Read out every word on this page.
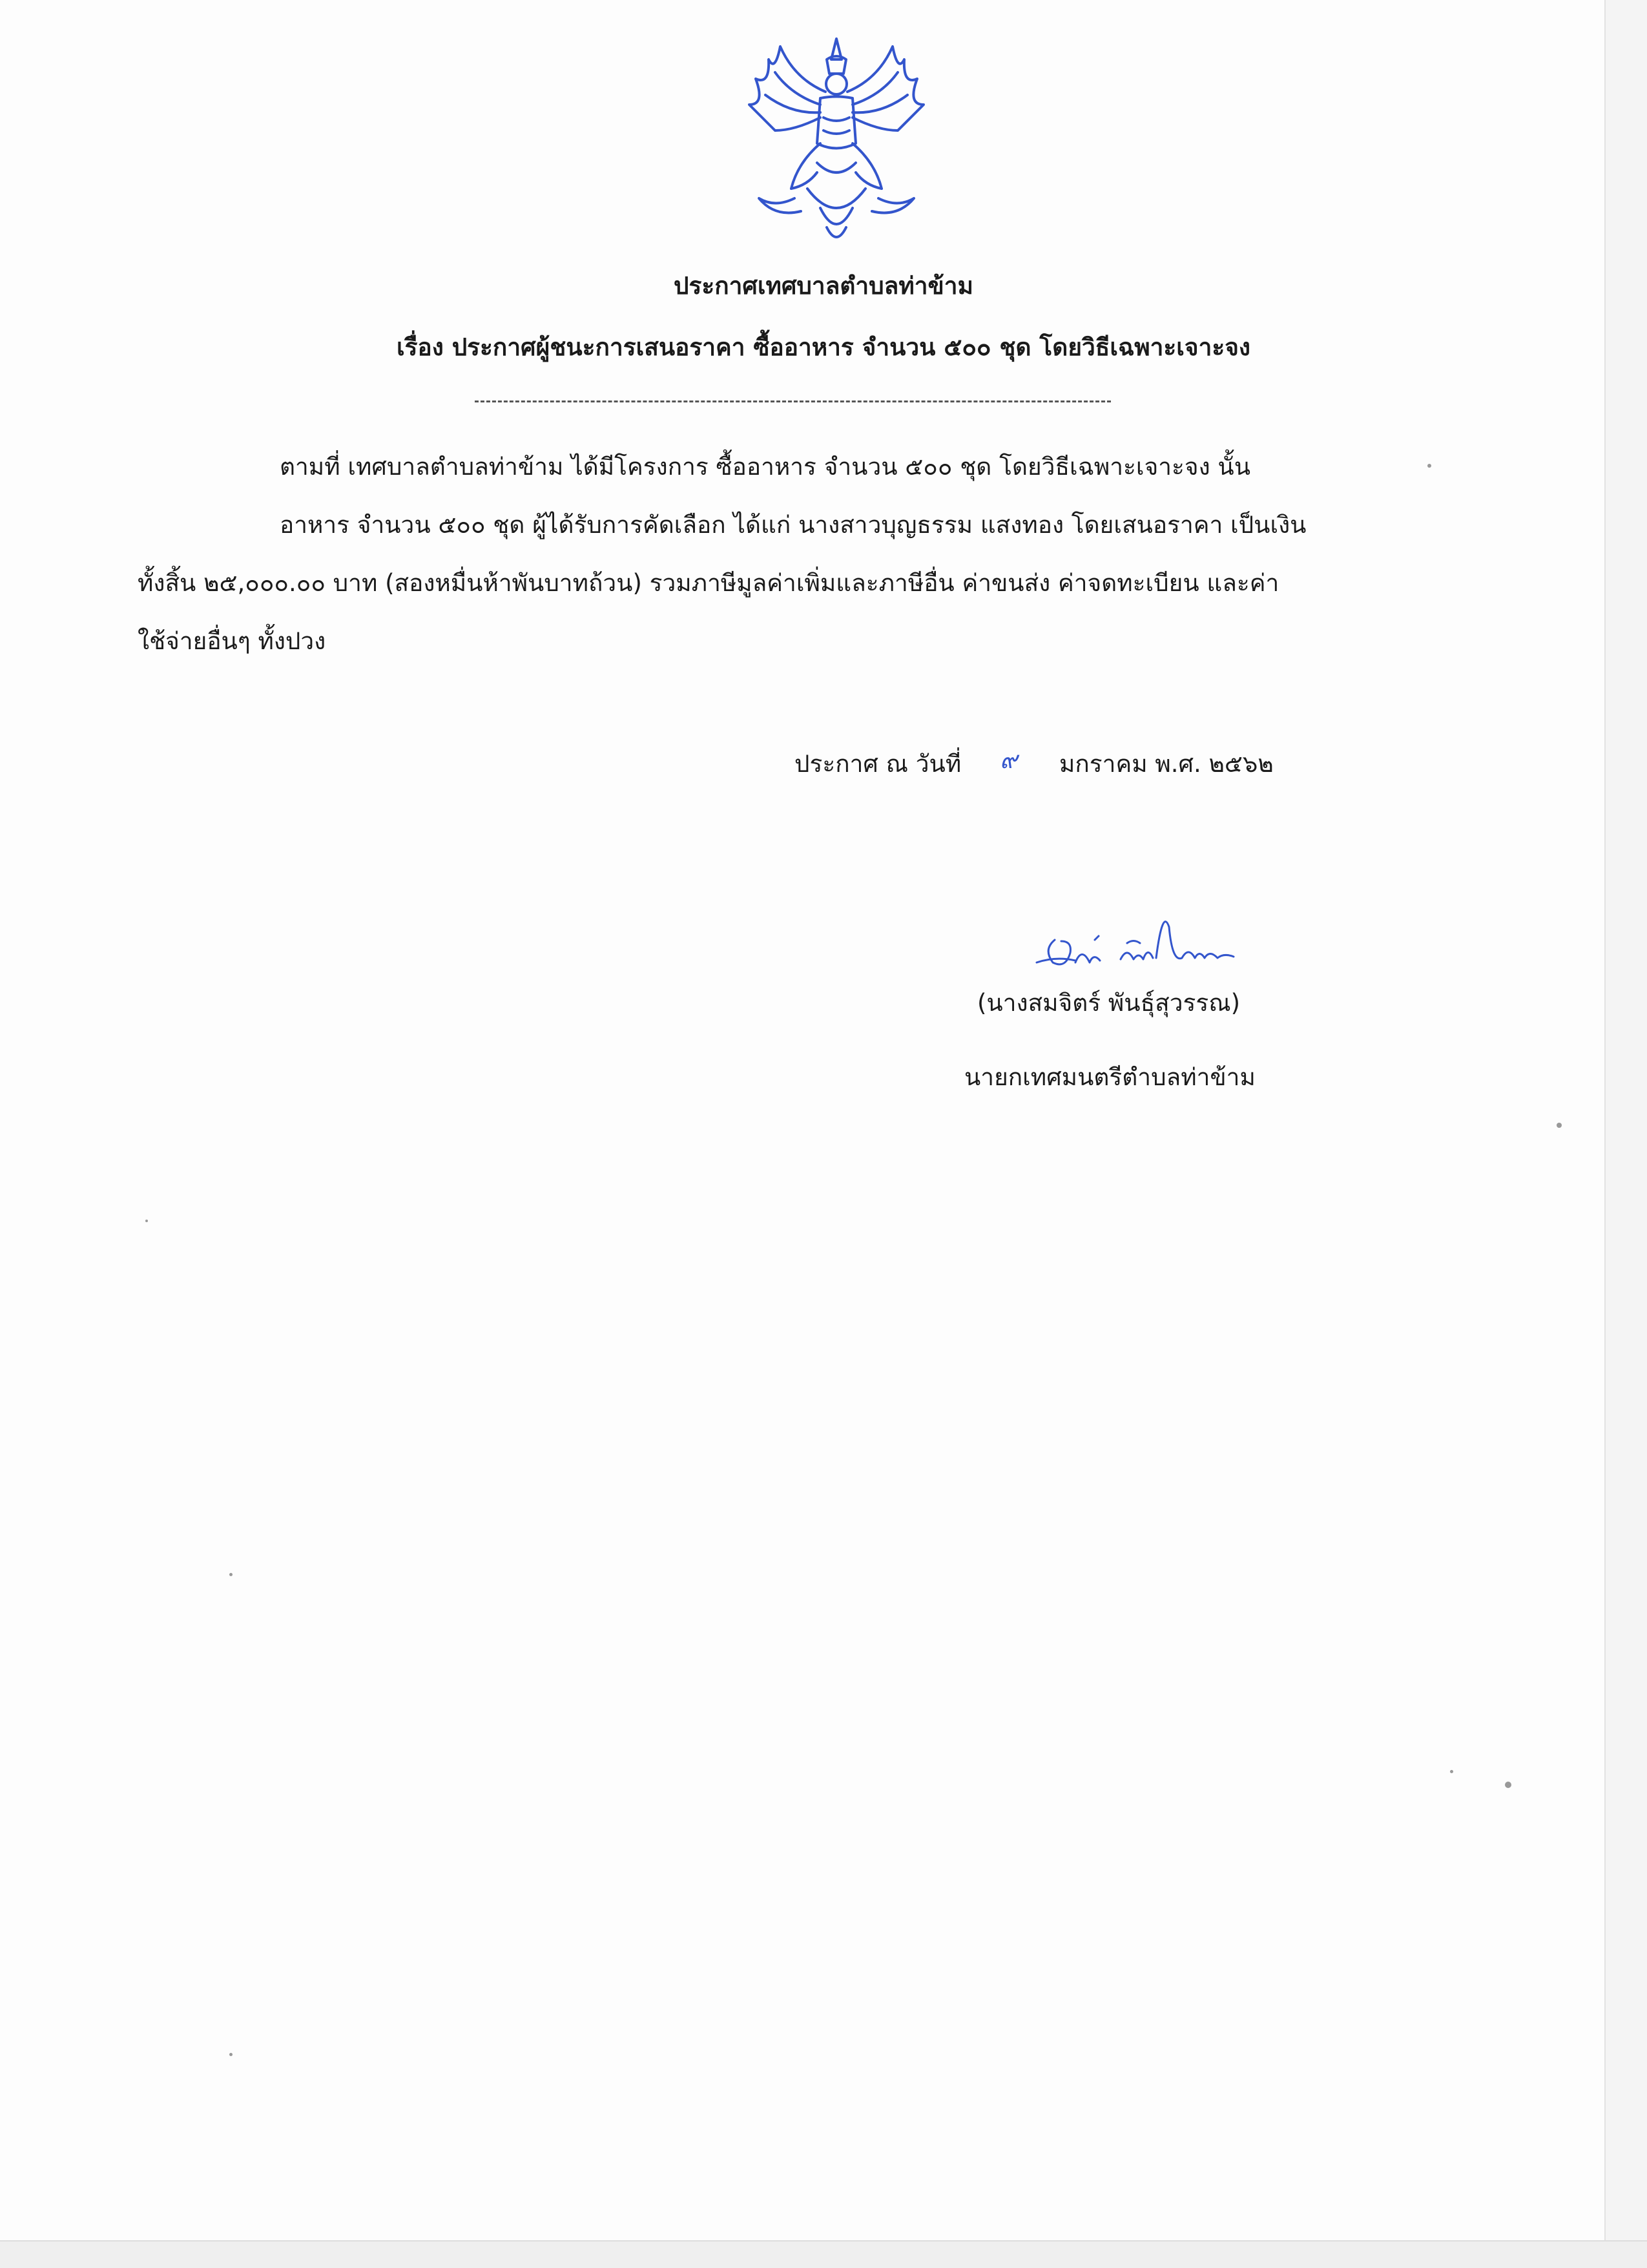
ประกาศเทศบาลตำบลท่าข้าม
เรื่อง ประกาศผู้ชนะการเสนอราคา ซื้ออาหาร จำนวน ๕๐๐ ชุด โดยวิธีเฉพาะเจาะจง
ตามที่ เทศบาลตำบลท่าข้าม ได้มีโครงการ ซื้ออาหาร จำนวน ๕๐๐ ชุด โดยวิธีเฉพาะเจาะจง นั้น
อาหาร จำนวน ๕๐๐ ชุด ผู้ได้รับการคัดเลือก ได้แก่ นางสาวบุญธรรม แสงทอง โดยเสนอราคา เป็นเงิน
ทั้งสิ้น ๒๕,๐๐๐.๐๐ บาท (สองหมื่นห้าพันบาทถ้วน) รวมภาษีมูลค่าเพิ่มและภาษีอื่น ค่าขนส่ง ค่าจดทะเบียน และค่า
ใช้จ่ายอื่นๆ ทั้งปวง
ประกาศ ณ วันที่ ๙ มกราคม พ.ศ. ๒๕๖๒
(นางสมจิตร์ พันธุ์สุวรรณ)
นายกเทศมนตรีตำบลท่าข้าม
